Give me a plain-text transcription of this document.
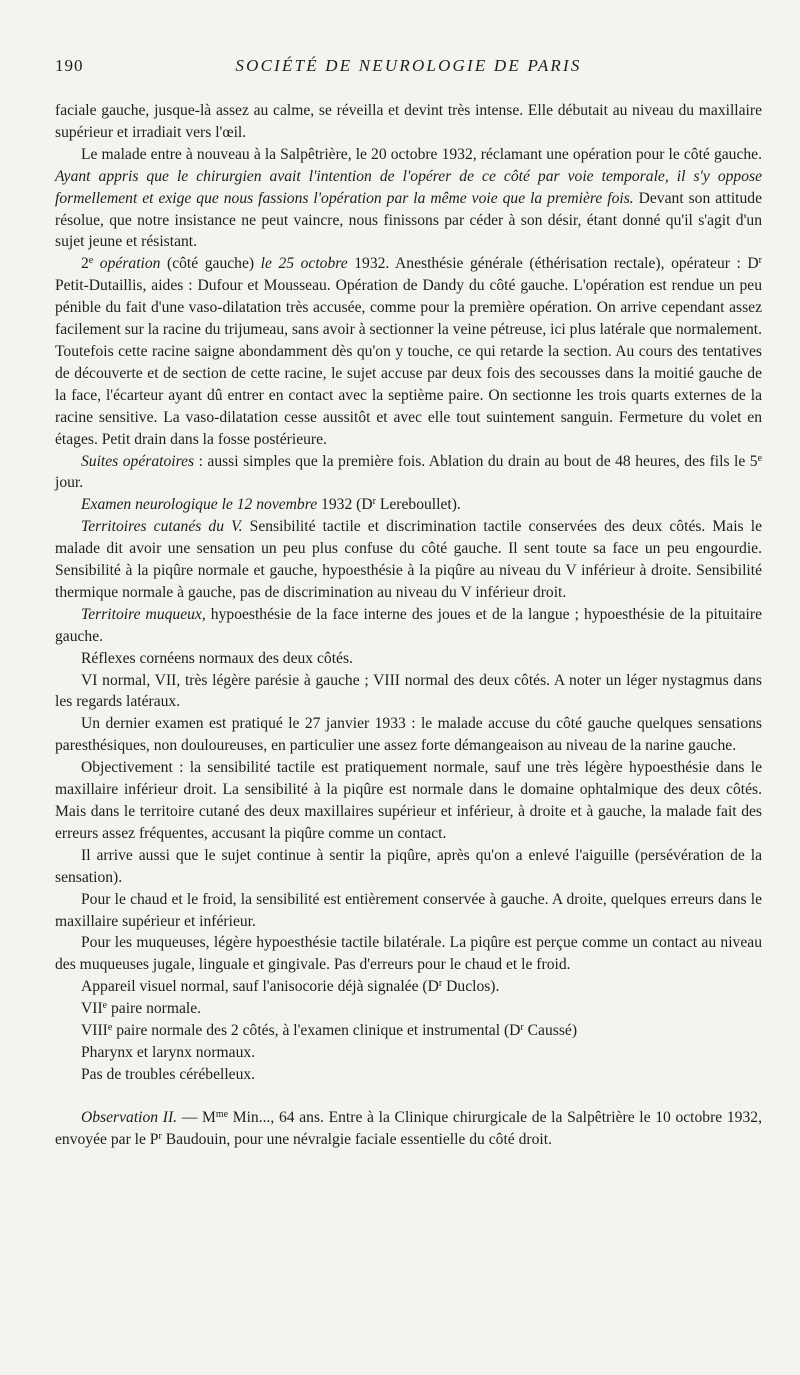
190	SOCIÉTÉ DE NEUROLOGIE DE PARIS

faciale gauche, jusque-là assez au calme, se réveilla et devint très intense. Elle débutait au niveau du maxillaire supérieur et irradiait vers l'œil.

Le malade entre à nouveau à la Salpêtrière, le 20 octobre 1932, réclamant une opération pour le côté gauche. Ayant appris que le chirurgien avait l'intention de l'opérer de ce côté par voie temporale, il s'y oppose formellement et exige que nous fassions l'opération par la même voie que la première fois. Devant son attitude résolue, que notre insistance ne peut vaincre, nous finissons par céder à son désir, étant donné qu'il s'agit d'un sujet jeune et résistant.

2e opération (côté gauche) le 25 octobre 1932. Anesthésie générale (éthérisation rectale), opérateur : $D^r$ Petit-Dutaillis, aides : Dufour et Mousseau. Opération de Dandy du côté gauche. L'opération est rendue un peu pénible du fait d'une vaso-dilatation très accusée, comme pour la première opération. On arrive cependant assez facilement sur la racine du trijumeau, sans avoir à sectionner la veine pétreuse, ici plus latérale que normalement. Toutefois cette racine saigne abondamment dès qu'on y touche, ce qui retarde la section. Au cours des tentatives de découverte et de section de cette racine, le sujet accuse par deux fois des secousses dans la moitié gauche de la face, l'écarteur ayant dû entrer en contact avec la septième paire. On sectionne les trois quarts externes de la racine sensitive. La vaso-dilatation cesse aussitôt et avec elle tout suintement sanguin. Fermeture du volet en étages. Petit drain dans la fosse postérieure.

Suites opératoires : aussi simples que la première fois. Ablation du drain au bout de 48 heures, des fils le 5e jour.

Examen neurologique le 12 novembre 1932 ($D^r$ Lereboullet).

Territoires cutanés du V. Sensibilité tactile et discrimination tactile conservées des deux côtés. Mais le malade dit avoir une sensation un peu plus confuse du côté gauche. Il sent toute sa face un peu engourdie. Sensibilité à la piqûre normale et gauche, hypoesthésie à la piqûre au niveau du V inférieur à droite. Sensibilité thermique normale à gauche, pas de discrimination au niveau du V inférieur droit.

Territoire muqueux, hypoesthésie de la face interne des joues et de la langue ; hypoesthésie de la pituitaire gauche.

Réflexes cornéens normaux des deux côtés.

VI normal, VII, très légère parésie à gauche ; VIII normal des deux côtés. A noter un léger nystagmus dans les regards latéraux.

Un dernier examen est pratiqué le 27 janvier 1933 : le malade accuse du côté gauche quelques sensations paresthésiques, non douloureuses, en particulier une assez forte démangeaison au niveau de la narine gauche.

Objectivement : la sensibilité tactile est pratiquement normale, sauf une très légère hypoesthésie dans le maxillaire inférieur droit. La sensibilité à la piqûre est normale dans le domaine ophtalmique des deux côtés. Mais dans le territoire cutané des deux maxillaires supérieur et inférieur, à droite et à gauche, la malade fait des erreurs assez fréquentes, accusant la piqûre comme un contact.

Il arrive aussi que le sujet continue à sentir la piqûre, après qu'on a enlevé l'aiguille (persévération de la sensation).

Pour le chaud et le froid, la sensibilité est entièrement conservée à gauche. A droite, quelques erreurs dans le maxillaire supérieur et inférieur.

Pour les muqueuses, légère hypoesthésie tactile bilatérale. La piqûre est perçue comme un contact au niveau des muqueuses jugale, linguale et gingivale. Pas d'erreurs pour le chaud et le froid.

Appareil visuel normal, sauf l'anisocorie déjà signalée ($D^r$ Duclos).

VIIe paire normale.

VIIIe paire normale des 2 côtés, à l'examen clinique et instrumental ($D^r$ Caussé)

Pharynx et larynx normaux.

Pas de troubles cérébelleux.

Observation II. — $M^{me}$ Min..., 64 ans. Entre à la Clinique chirurgicale de la Salpêtrière le 10 octobre 1932, envoyée par le $P^r$ Baudouin, pour une névralgie faciale essentielle du côté droit.
